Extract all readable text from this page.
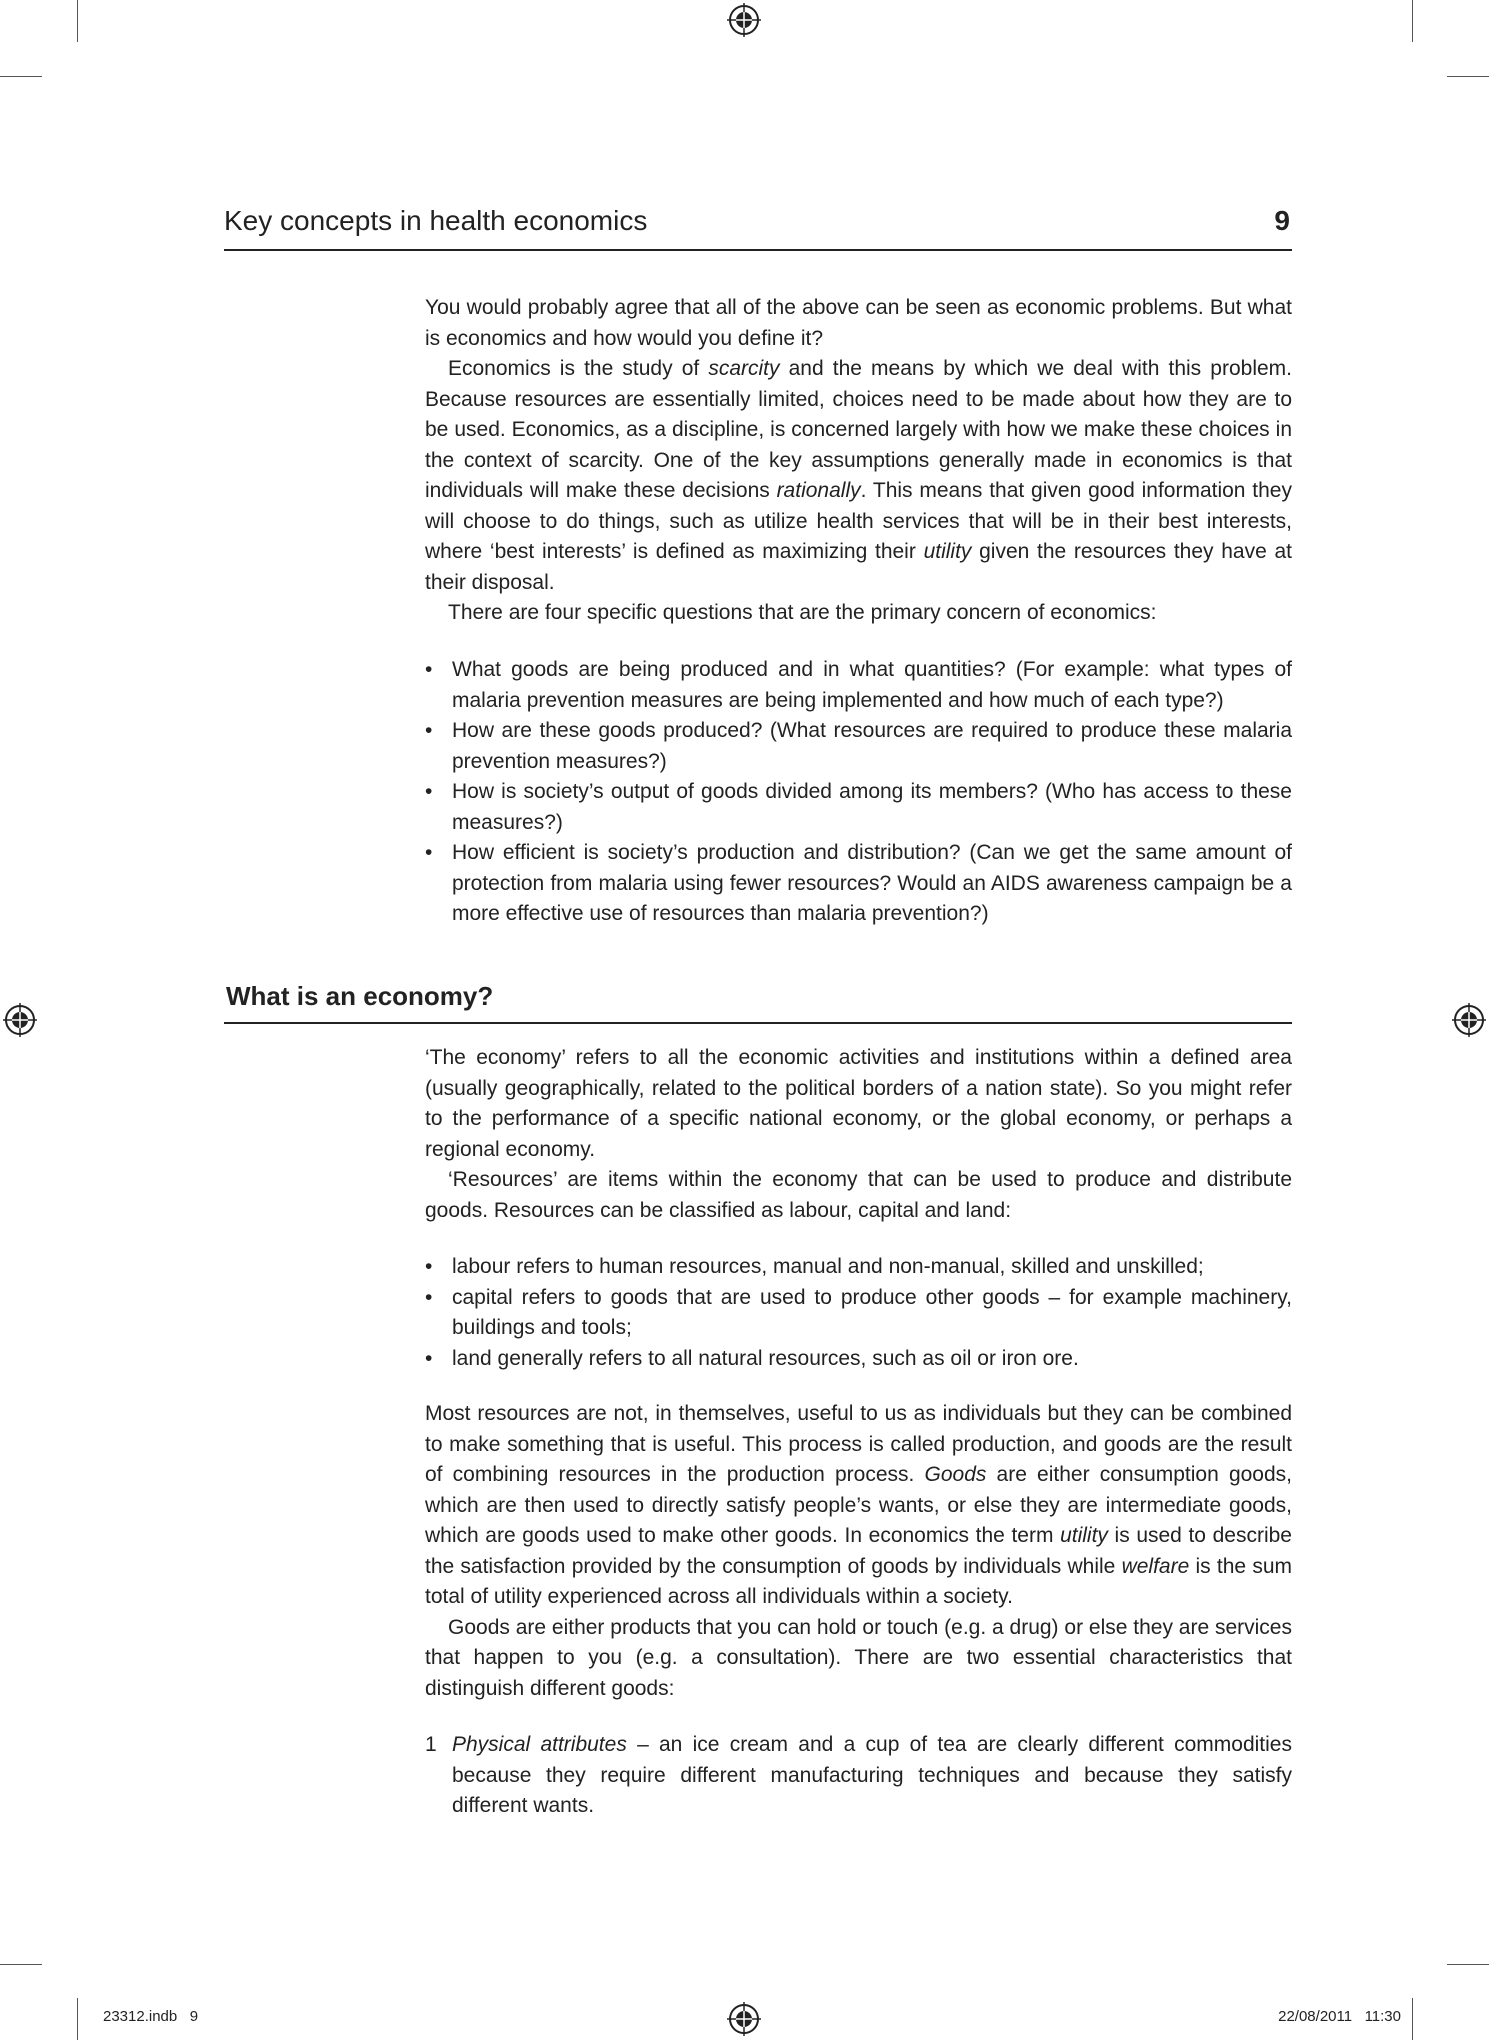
Key concepts in health economics	9

You would probably agree that all of the above can be seen as economic problems. But what is economics and how would you define it?

Economics is the study of scarcity and the means by which we deal with this problem. Because resources are essentially limited, choices need to be made about how they are to be used. Economics, as a discipline, is concerned largely with how we make these choices in the context of scarcity. One of the key assumptions generally made in economics is that individuals will make these decisions rationally. This means that given good information they will choose to do things, such as utilize health services that will be in their best interests, where ‘best interests’ is defined as maximizing their utility given the resources they have at their disposal.

There are four specific questions that are the primary concern of economics:

• What goods are being produced and in what quantities? (For example: what types of malaria prevention measures are being implemented and how much of each type?)
• How are these goods produced? (What resources are required to produce these malaria prevention measures?)
• How is society’s output of goods divided among its members? (Who has access to these measures?)
• How efficient is society’s production and distribution? (Can we get the same amount of protection from malaria using fewer resources? Would an AIDS awareness campaign be a more effective use of resources than malaria prevention?)
What is an economy?

‘The economy’ refers to all the economic activities and institutions within a defined area (usually geographically, related to the political borders of a nation state). So you might refer to the performance of a specific national economy, or the global economy, or perhaps a regional economy.

‘Resources’ are items within the economy that can be used to produce and distribute goods. Resources can be classified as labour, capital and land:

• labour refers to human resources, manual and non-manual, skilled and unskilled;
• capital refers to goods that are used to produce other goods – for example machinery, buildings and tools;
• land generally refers to all natural resources, such as oil or iron ore.

Most resources are not, in themselves, useful to us as individuals but they can be combined to make something that is useful. This process is called production, and goods are the result of combining resources in the production process. Goods are either consumption goods, which are then used to directly satisfy people’s wants, or else they are intermediate goods, which are goods used to make other goods. In economics the term utility is used to describe the satisfaction provided by the consumption of goods by individuals while welfare is the sum total of utility experienced across all individuals within a society.

Goods are either products that you can hold or touch (e.g. a drug) or else they are services that happen to you (e.g. a consultation). There are two essential characteristics that distinguish different goods:

1 Physical attributes – an ice cream and a cup of tea are clearly different commodities because they require different manufacturing techniques and because they satisfy different wants.
23312.indb   9	22/08/2011   11:30
